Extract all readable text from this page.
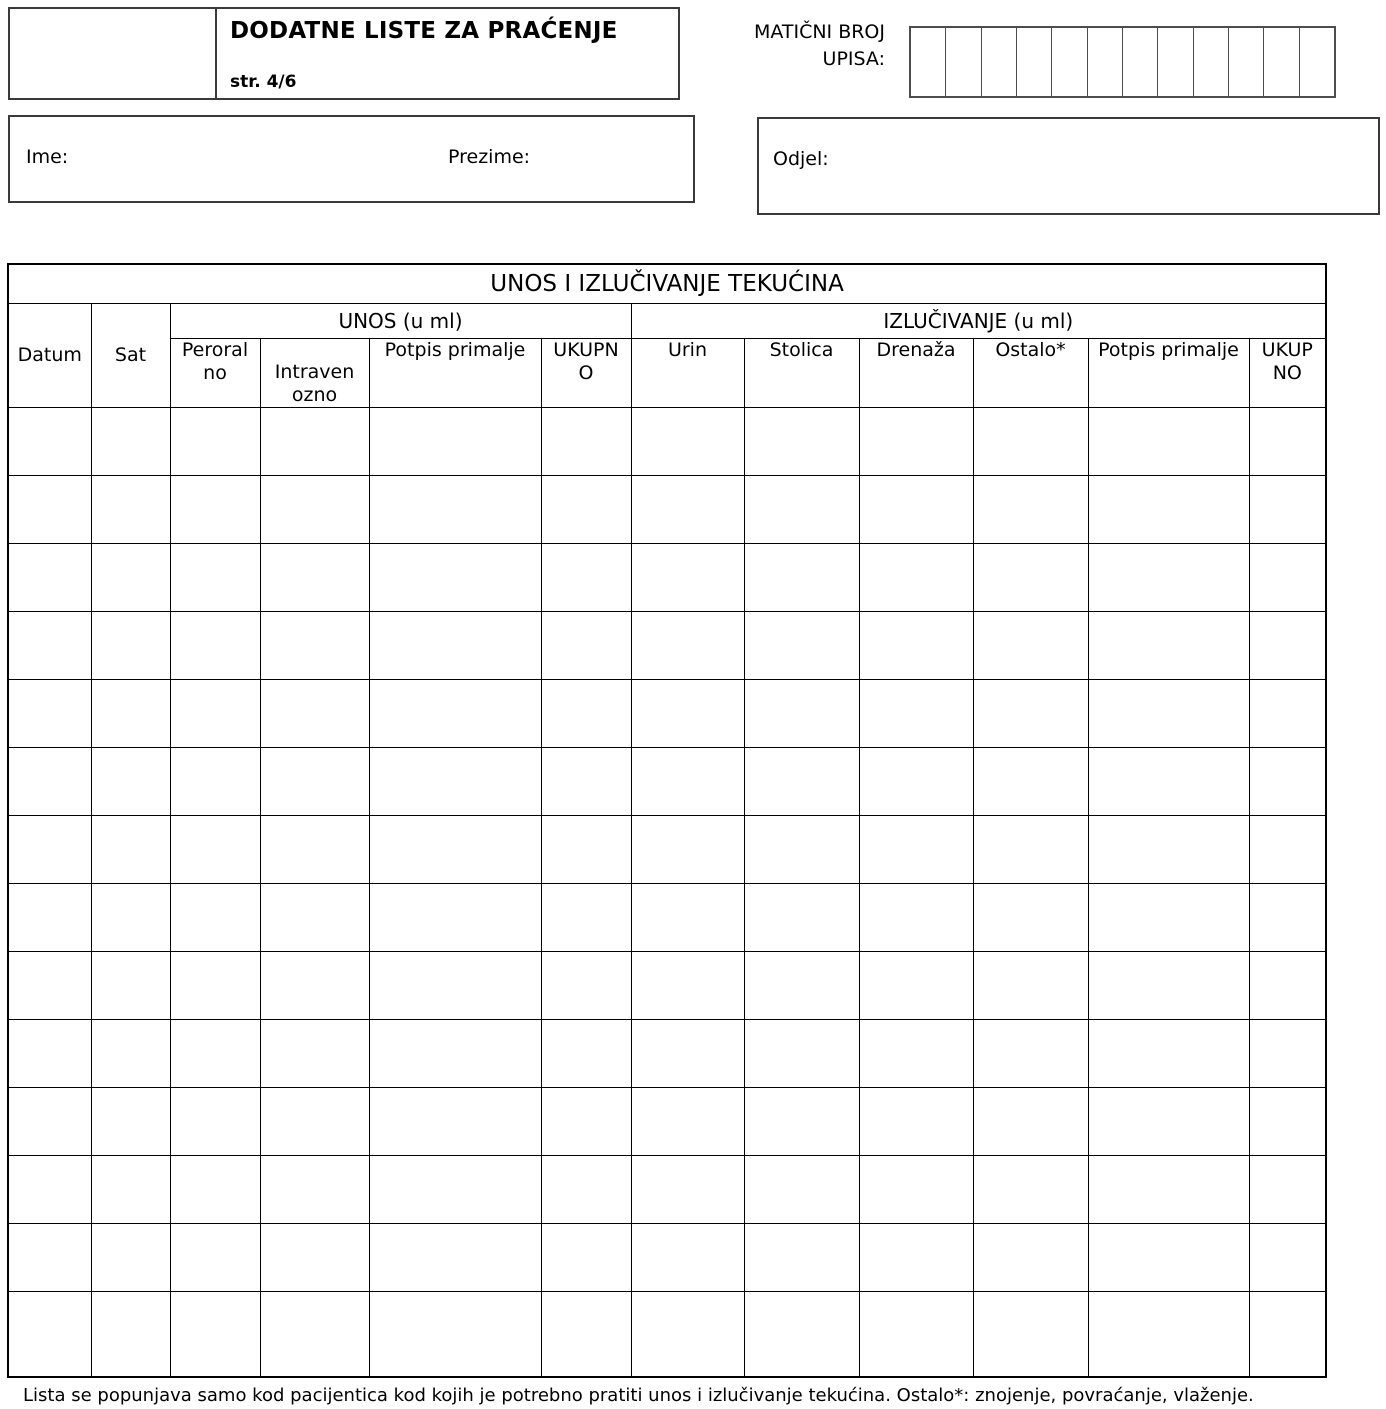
DODATNE LISTE ZA PRAĆENJE
str. 4/6
MATIČNI BROJ
UPISA:
Ime:	Prezime:	Odjel:
UNOS I IZLUČIVANJE TEKUĆINA											
Datum	Sat	UNOS (u ml)				IZLUČIVANJE (u ml)					
		Peroralno	Intravenozno	Potpis primalje	UKUPNO	Urin	Stolica	Drenaža	Ostalo*	Potpis primalje	UKUPNO

Lista se popunjava samo kod pacijentica kod kojih je potrebno pratiti unos i izlučivanje tekućina. Ostalo*: znojenje, povraćanje, vlaženje.
